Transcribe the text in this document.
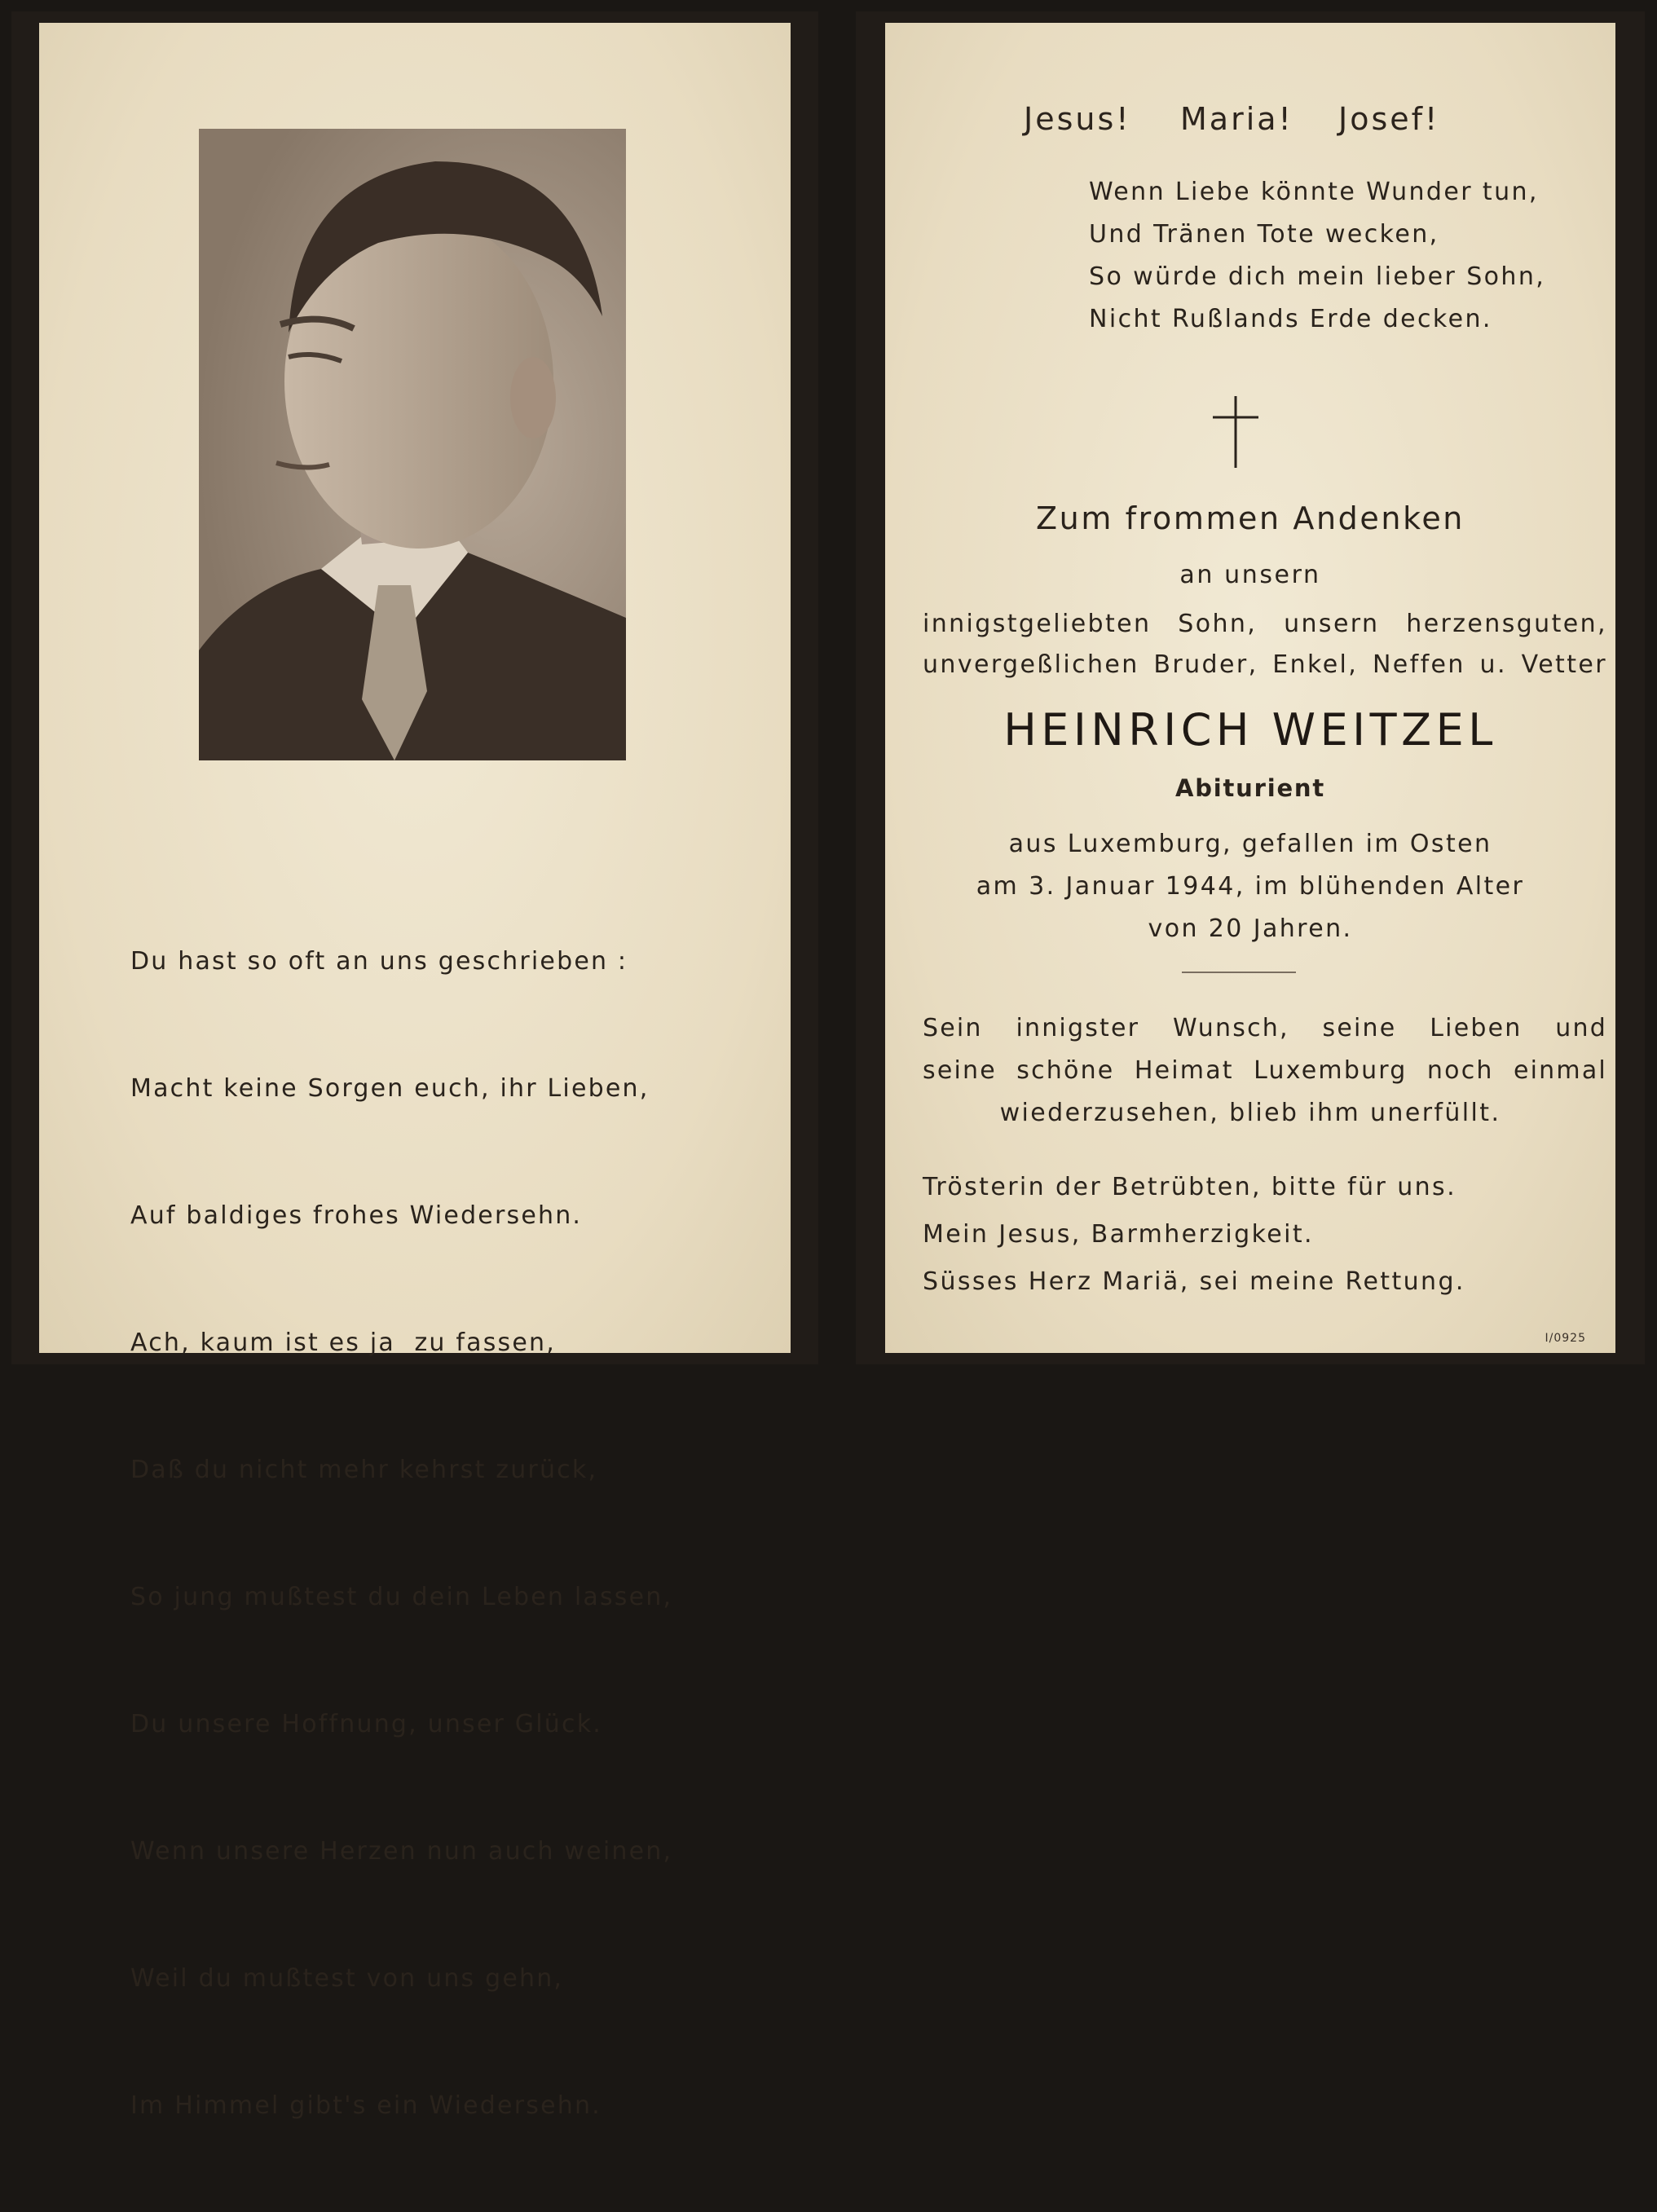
Du hast so oft an uns geschrieben :

Macht keine Sorgen euch, ihr Lieben,

Auf baldiges frohes Wiedersehn.

Ach, kaum ist es ja  zu fassen,

Daß du nicht mehr kehrst zurück,

So jung mußtest du dein Leben lassen,

Du unsere Hoffnung, unser Glück.

Wenn unsere Herzen nun auch weinen,

Weil du mußtest von uns gehn,

Im Himmel gibt's ein Wiedersehn.

Jesus! Maria! Josef!
Wenn Liebe könnte Wunder tun,
Und Tränen Tote wecken,
So würde dich mein lieber Sohn,
Nicht Rußlands Erde decken.
Zum frommen Andenken
an unsern
innigstgeliebten Sohn, unsern herzensguten,
unvergeßlichen Bruder, Enkel, Neffen u. Vetter
HEINRICH WEITZEL
Abiturient
aus Luxemburg, gefallen im Osten
am 3. Januar 1944, im blühenden Alter
von 20 Jahren.
Sein innigster Wunsch, seine Lieben und
seine schöne Heimat Luxemburg noch einmal
wiederzusehen, blieb ihm unerfüllt.
Trösterin der Betrübten, bitte für uns.
Mein Jesus, Barmherzigkeit.
Süsses Herz Mariä, sei meine Rettung.
I/0925
